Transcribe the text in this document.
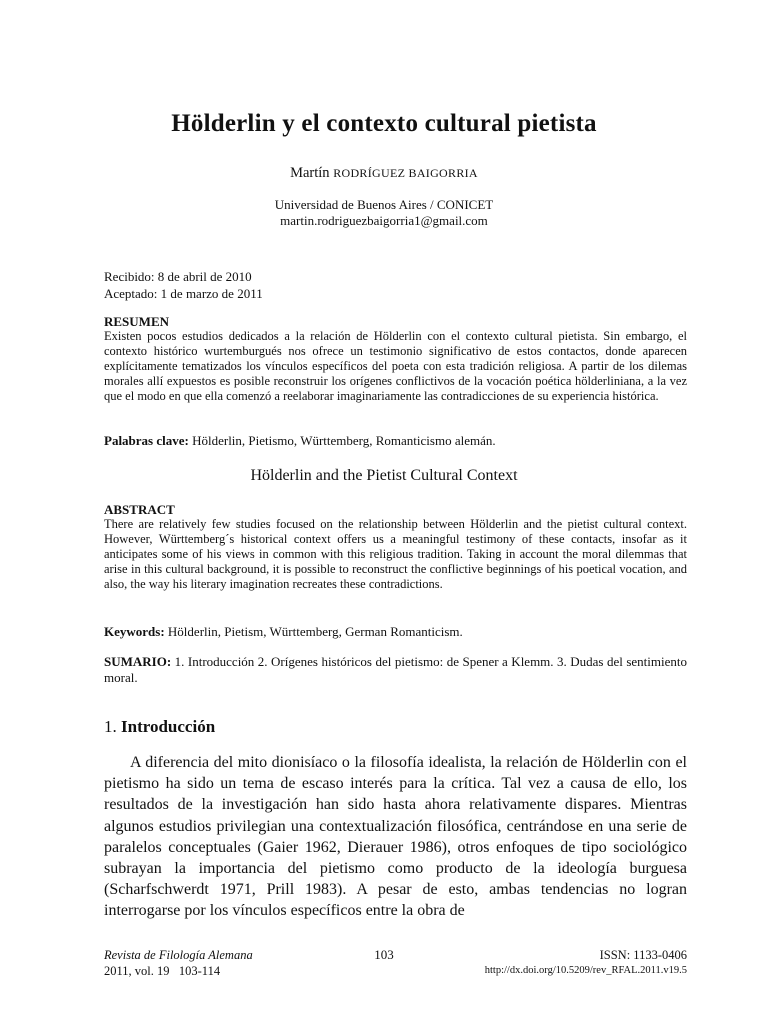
Hölderlin y el contexto cultural pietista
Martín RODRÍGUEZ BAIGORRIA
Universidad de Buenos Aires / CONICET
martin.rodriguezbaigorria1@gmail.com
Recibido: 8 de abril de 2010
Aceptado: 1 de marzo de 2011
RESUMEN

Existen pocos estudios dedicados a la relación de Hölderlin con el contexto cultural pietista. Sin embargo, el contexto histórico wurtemburgués nos ofrece un testimonio significativo de estos contactos, donde aparecen explícitamente tematizados los vínculos específicos del poeta con esta tradición religiosa. A partir de los dilemas morales allí expuestos es posible reconstruir los orígenes conflictivos de la vocación poética hölderliniana, a la vez que el modo en que ella comenzó a reelaborar imaginariamente las contradicciones de su experiencia histórica.

Palabras clave: Hölderlin, Pietismo, Württemberg, Romanticismo alemán.

Hölderlin and the Pietist Cultural Context
ABSTRACT

There are relatively few studies focused on the relationship between Hölderlin and the pietist cultural context. However, Württemberg´s historical context offers us a meaningful testimony of these contacts, insofar as it anticipates some of his views in common with this religious tradition. Taking in account the moral dilemmas that arise in this cultural background, it is possible to reconstruct the conflictive beginnings of his poetical vocation, and also, the way his literary imagination recreates these contradictions.

Keywords: Hölderlin, Pietism, Württemberg, German Romanticism.

SUMARIO: 1. Introducción 2. Orígenes históricos del pietismo: de Spener a Klemm. 3. Dudas del sentimiento moral.

1. Introducción

A diferencia del mito dionisíaco o la filosofía idealista, la relación de Hölderlin con el pietismo ha sido un tema de escaso interés para la crítica. Tal vez a causa de ello, los resultados de la investigación han sido hasta ahora relativamente dispares. Mientras algunos estudios privilegian una contextualización filosófica, centrándose en una serie de paralelos conceptuales (Gaier 1962, Dierauer 1986), otros enfoques de tipo sociológico subrayan la importancia del pietismo como producto de la ideología burguesa (Scharfschwerdt 1971, Prill 1983). A pesar de esto, ambas tendencias no logran interrogarse por los vínculos específicos entre la obra de

Revista de Filología Alemana
2011, vol. 19   103-114
103	ISSN: 1133-0406
http://dx.doi.org/10.5209/rev_RFAL.2011.v19.5
